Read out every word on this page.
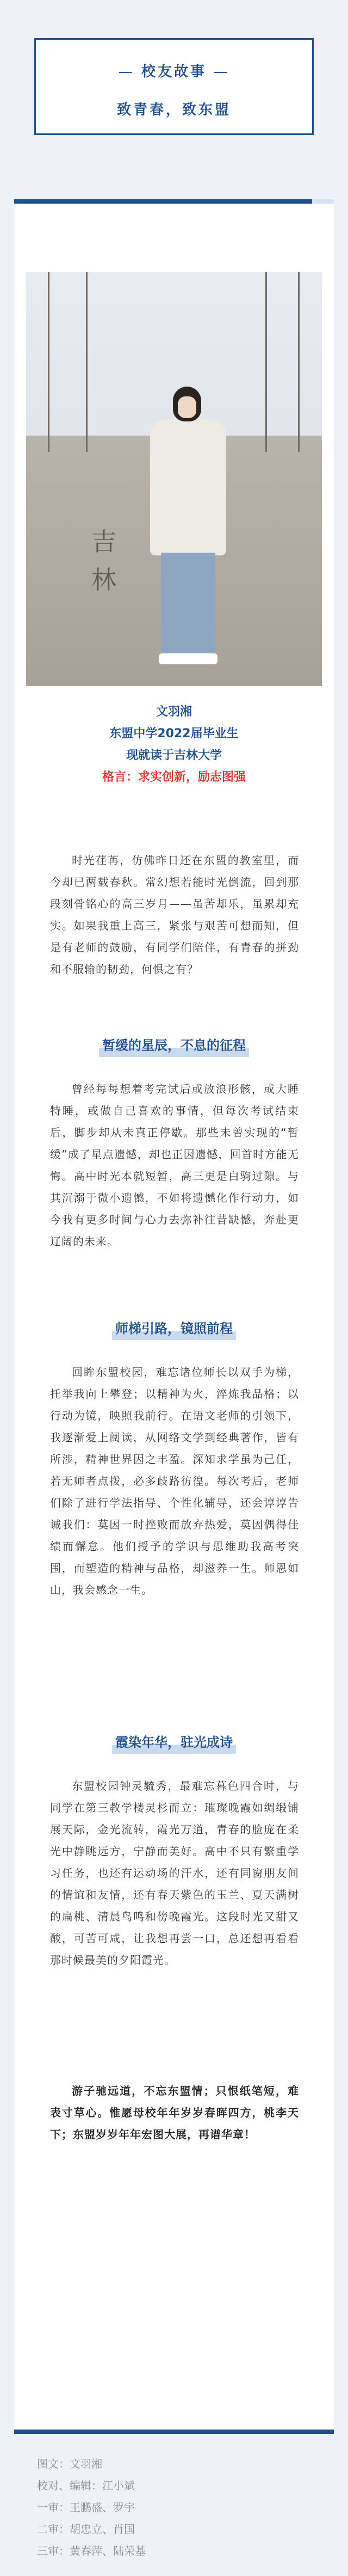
— 校友故事 —
致青春，致东盟
吉林
文羽湘
东盟中学2022届毕业生
现就读于吉林大学
格言：求实创新，励志图强
时光荏苒，仿佛昨日还在东盟的教室里，而今却已两载春秋。常幻想若能时光倒流，回到那段刻骨铭心的高三岁月——虽苦却乐，虽累却充实。如果我重上高三，紧张与艰苦可想而知，但是有老师的鼓励，有同学们陪伴，有青春的拼劲和不服输的韧劲，何惧之有？
暂缓的星辰，不息的征程
曾经每每想着考完试后或放浪形骸，或大睡特睡，或做自己喜欢的事情，但每次考试结束后，脚步却从未真正停歇。那些未曾实现的“暂缓”成了星点遗憾，却也正因遗憾，回首时方能无悔。高中时光本就短暂，高三更是白驹过隙。与其沉溺于微小遗憾，不如将遗憾化作行动力，如今我有更多时间与心力去弥补往昔缺憾，奔赴更辽阔的未来。
师梯引路，镜照前程
回眸东盟校园，难忘诸位师长以双手为梯，托举我向上攀登；以精神为火，淬炼我品格；以行动为镜，映照我前行。在语文老师的引领下，我逐渐爱上阅读，从网络文学到经典著作，皆有所涉，精神世界因之丰盈。深知求学虽为己任，若无师者点拨，必多歧路彷徨。每次考后，老师们除了进行学法指导、个性化辅导，还会谆谆告诫我们：莫因一时挫败而放弃热爱，莫因偶得佳绩而懈怠。他们授予的学识与思维助我高考突围，而塑造的精神与品格，却滋养一生。师恩如山，我会感念一生。
霞染年华，驻光成诗
东盟校园钟灵毓秀，最难忘暮色四合时，与同学在第三教学楼灵杉而立：璀璨晚霞如绸缎铺展天际，金光流转，霞光万道，青春的脸庞在柔光中静眺远方，宁静而美好。高中不只有繁重学习任务，也还有运动场的汗水，还有同窗朋友间的情谊和友情，还有春天紫色的玉兰、夏天满树的扁桃、清晨鸟鸣和傍晚霞光。这段时光又甜又酸，可苦可咸，让我想再尝一口，总还想再看看那时候最美的夕阳霞光。
游子驰远道，不忘东盟情；只恨纸笔短，难表寸草心。惟愿母校年年岁岁春晖四方，桃李天下；东盟岁岁年年宏图大展，再谱华章！
图文：文羽湘
校对、编辑：江小斌
一审：王鹏盛、罗宇
二审：胡忠立、肖国
三审：黄春萍、陆荣基
